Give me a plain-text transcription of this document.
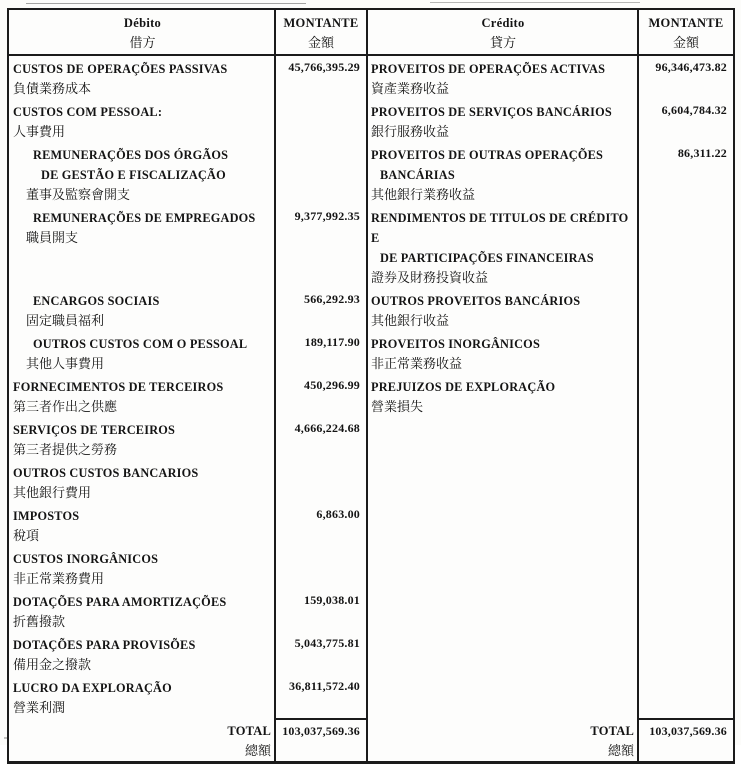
Débito
借方
MONTANTE
金額
Crédito
貸方
MONTANTE
金額
CUSTOS DE OPERAÇÕES PASSIVAS
負債業務成本
45,766,395.29 PROVEITOS DE OPERAÇÕES ACTIVAS
資產業務收益
96,346,473.82
CUSTOS COM PESSOAL:
人事費用
PROVEITOS DE SERVIÇOS BANCÁRIOS
銀行服務收益
6,604,784.32
REMUNERAÇÕES DOS ÓRGÃOS
DE GESTÃO E FISCALIZAÇÃO
董事及監察會開支
PROVEITOS DE OUTRAS OPERAÇÕES
BANCÁRIAS
其他銀行業務收益
86,311.22
REMUNERAÇÕES DE EMPREGADOS
職員開支
9,377,992.35 RENDIMENTOS DE TITULOS DE CRÉDITO E
DE PARTICIPAÇÕES FINANCEIRAS
證券及財務投資收益
ENCARGOS SOCIAIS
固定職員福利
566,292.93 OUTROS PROVEITOS BANCÁRIOS
其他銀行收益
OUTROS CUSTOS COM O PESSOAL
其他人事費用
189,117.90 PROVEITOS INORGÂNICOS
非正常業務收益
FORNECIMENTOS DE TERCEIROS
第三者作出之供應
450,296.99 PREJUIZOS DE EXPLORAÇÃO
營業損失
SERVIÇOS DE TERCEIROS
第三者提供之勞務
4,666,224.68
OUTROS CUSTOS BANCARIOS
其他銀行費用
IMPOSTOS
稅項
6,863.00
CUSTOS INORGÂNICOS
非正常業務費用
DOTAÇÕES PARA AMORTIZAÇÕES
折舊撥款
159,038.01
DOTAÇÕES PARA PROVISÕES
備用金之撥款
5,043,775.81
LUCRO DA EXPLORAÇÃO
營業利潤
36,811,572.40
TOTAL
總額
103,037,569.36	TOTAL
總額
103,037,569.36
